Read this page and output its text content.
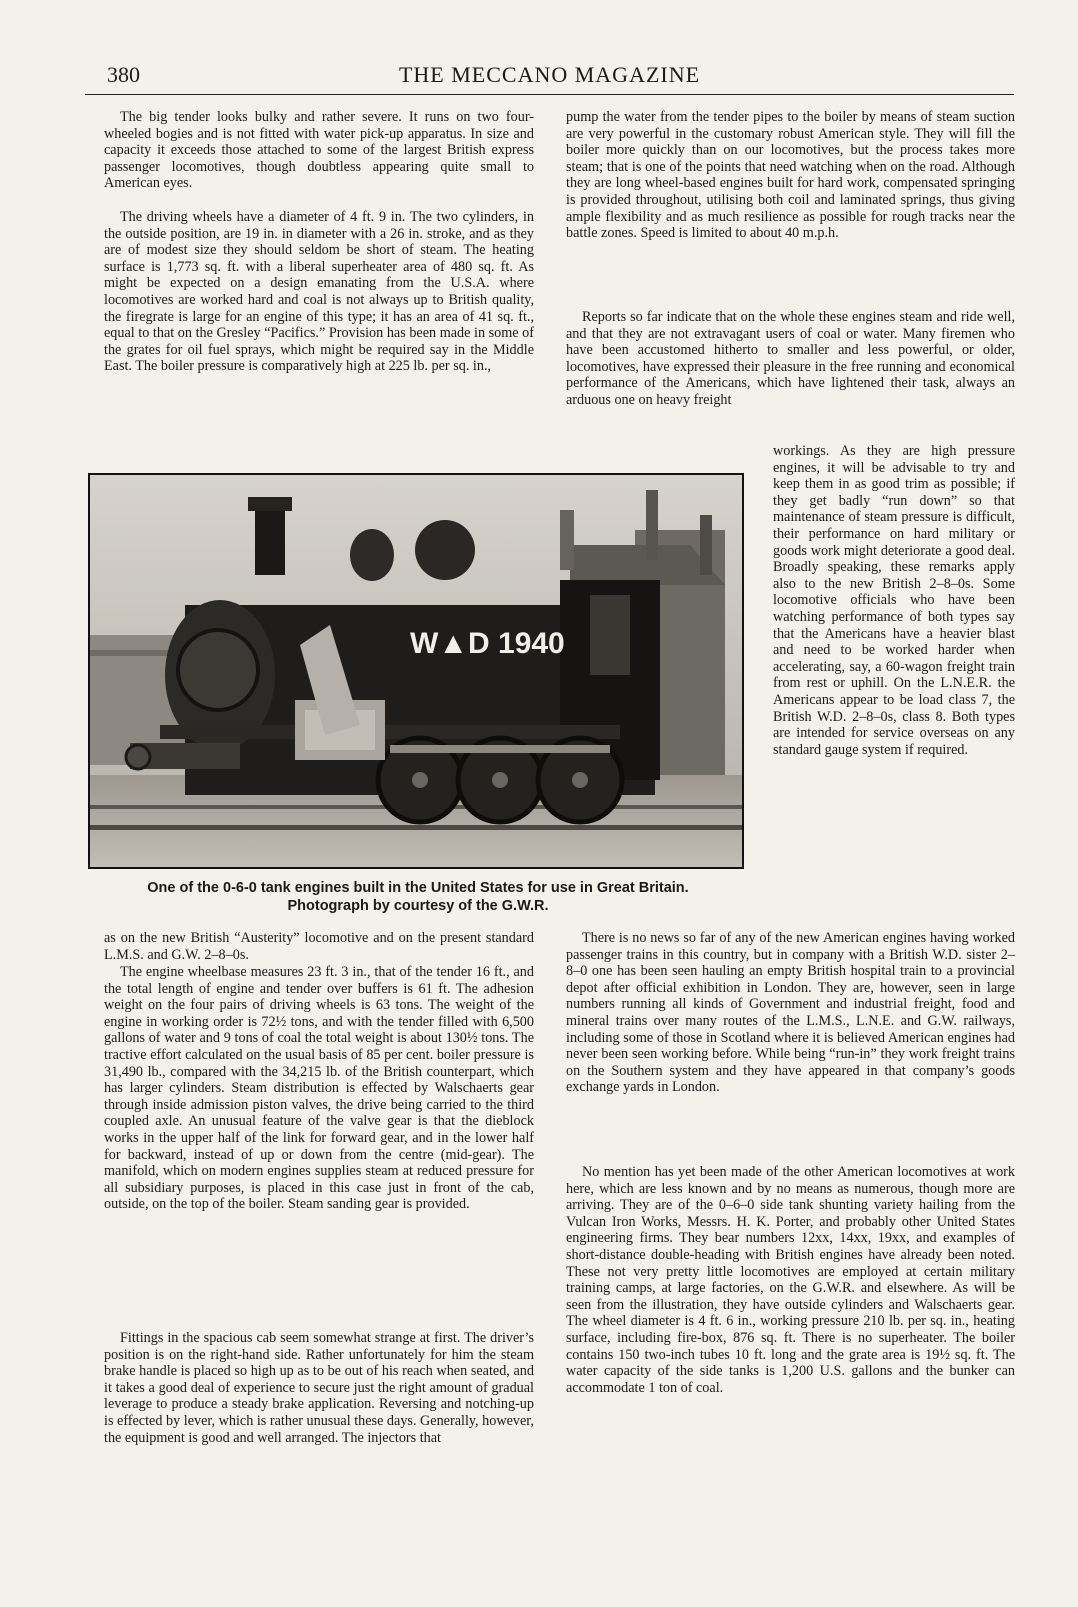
380	THE MECCANO MAGAZINE

The big tender looks bulky and rather severe. It runs on two four-wheeled bogies and is not fitted with water pick-up apparatus. In size and capacity it exceeds those attached to some of the largest British express passenger locomotives, though doubtless appearing quite small to American eyes.

The driving wheels have a diameter of 4 ft. 9 in. The two cylinders, in the outside position, are 19 in. in diameter with a 26 in. stroke, and as they are of modest size they should seldom be short of steam. The heating surface is 1,773 sq. ft. with a liberal superheater area of 480 sq. ft. As might be expected on a design emanating from the U.S.A. where locomotives are worked hard and coal is not always up to British quality, the firegrate is large for an engine of this type; it has an area of 41 sq. ft., equal to that on the Gresley “Pacifics.” Provision has been made in some of the grates for oil fuel sprays, which might be required say in the Middle East. The boiler pressure is comparatively high at 225 lb. per sq. in.,

as on the new British “Austerity” locomotive and on the present standard L.M.S. and G.W. 2–8–0s.

The engine wheelbase measures 23 ft. 3 in., that of the tender 16 ft., and the total length of engine and tender over buffers is 61 ft. The adhesion weight on the four pairs of driving wheels is 63 tons. The weight of the engine in working order is 72½ tons, and with the tender filled with 6,500 gallons of water and 9 tons of coal the total weight is about 130½ tons. The tractive effort calculated on the usual basis of 85 per cent. boiler pressure is 31,490 lb., compared with the 34,215 lb. of the British counterpart, which has larger cylinders. Steam distribution is effected by Walschaerts gear through inside admission piston valves, the drive being carried to the third coupled axle. An unusual feature of the valve gear is that the dieblock works in the upper half of the link for forward gear, and in the lower half for backward, instead of up or down from the centre (mid-gear). The manifold, which on modern engines supplies steam at reduced pressure for all subsidiary purposes, is placed in this case just in front of the cab, outside, on the top of the boiler. Steam sanding gear is provided.

Fittings in the spacious cab seem somewhat strange at first. The driver’s position is on the right-hand side. Rather unfortunately for him the steam brake handle is placed so high up as to be out of his reach when seated, and it takes a good deal of experience to secure just the right amount of gradual leverage to produce a steady brake application. Reversing and notching-up is effected by lever, which is rather unusual these days. Generally, however, the equipment is good and well arranged. The injectors that

pump the water from the tender pipes to the boiler by means of steam suction are very powerful in the customary robust American style. They will fill the boiler more quickly than on our locomotives, but the process takes more steam; that is one of the points that need watching when on the road. Although they are long wheel-based engines built for hard work, compensated springing is provided throughout, utilising both coil and laminated springs, thus giving ample flexibility and as much resilience as possible for rough tracks near the battle zones. Speed is limited to about 40 m.p.h.

Reports so far indicate that on the whole these engines steam and ride well, and that they are not extravagant users of coal or water. Many firemen who have been accustomed hitherto to smaller and less powerful, or older, locomotives, have expressed their pleasure in the free running and economical performance of the Americans, which have lightened their task, always an arduous one on heavy freight

workings. As they are high pressure engines, it will be advisable to try and keep them in as good trim as possible; if they get badly “run down” so that maintenance of steam pressure is difficult, their performance on hard military or goods work might deteriorate a good deal. Broadly speaking, these remarks apply also to the new British 2–8–0s. Some locomotive officials who have been watching performance of both types say that the Americans have a heavier blast and need to be worked harder when accelerating, say, a 60-wagon freight train from rest or uphill. On the L.N.E.R. the Americans appear to be load class 7, the British W.D. 2–8–0s, class 8. Both types are intended for service overseas on any standard gauge system if required.

There is no news so far of any of the new American engines having worked passenger trains in this country, but in company with a British W.D. sister 2–8–0 one has been seen hauling an empty British hospital train to a provincial depot after official exhibition in London. They are, however, seen in large numbers running all kinds of Government and industrial freight, food and mineral trains over many routes of the L.M.S., L.N.E. and G.W. railways, including some of those in Scotland where it is believed American engines had never been seen working before. While being “run-in” they work freight trains on the Southern system and they have appeared in that company’s goods exchange yards in London.

No mention has yet been made of the other American locomotives at work here, which are less known and by no means as numerous, though more are arriving. They are of the 0–6–0 side tank shunting variety hailing from the Vulcan Iron Works, Messrs. H. K. Porter, and probably other United States engineering firms. They bear numbers 12xx, 14xx, 19xx, and examples of short-distance double-heading with British engines have already been noted. These not very pretty little locomotives are employed at certain military training camps, at large factories, on the G.W.R. and elsewhere. As will be seen from the illustration, they have outside cylinders and Walschaerts gear. The wheel diameter is 4 ft. 6 in., working pressure 210 lb. per sq. in., heating surface, including fire-box, 876 sq. ft. There is no superheater. The boiler contains 150 two-inch tubes 10 ft. long and the grate area is 19½ sq. ft. The water capacity of the side tanks is 1,200 U.S. gallons and the bunker can accommodate 1 ton of coal.

W▲D 1940
One of the 0-6-0 tank engines built in the United States for use in Great Britain.
Photograph by courtesy of the G.W.R.
